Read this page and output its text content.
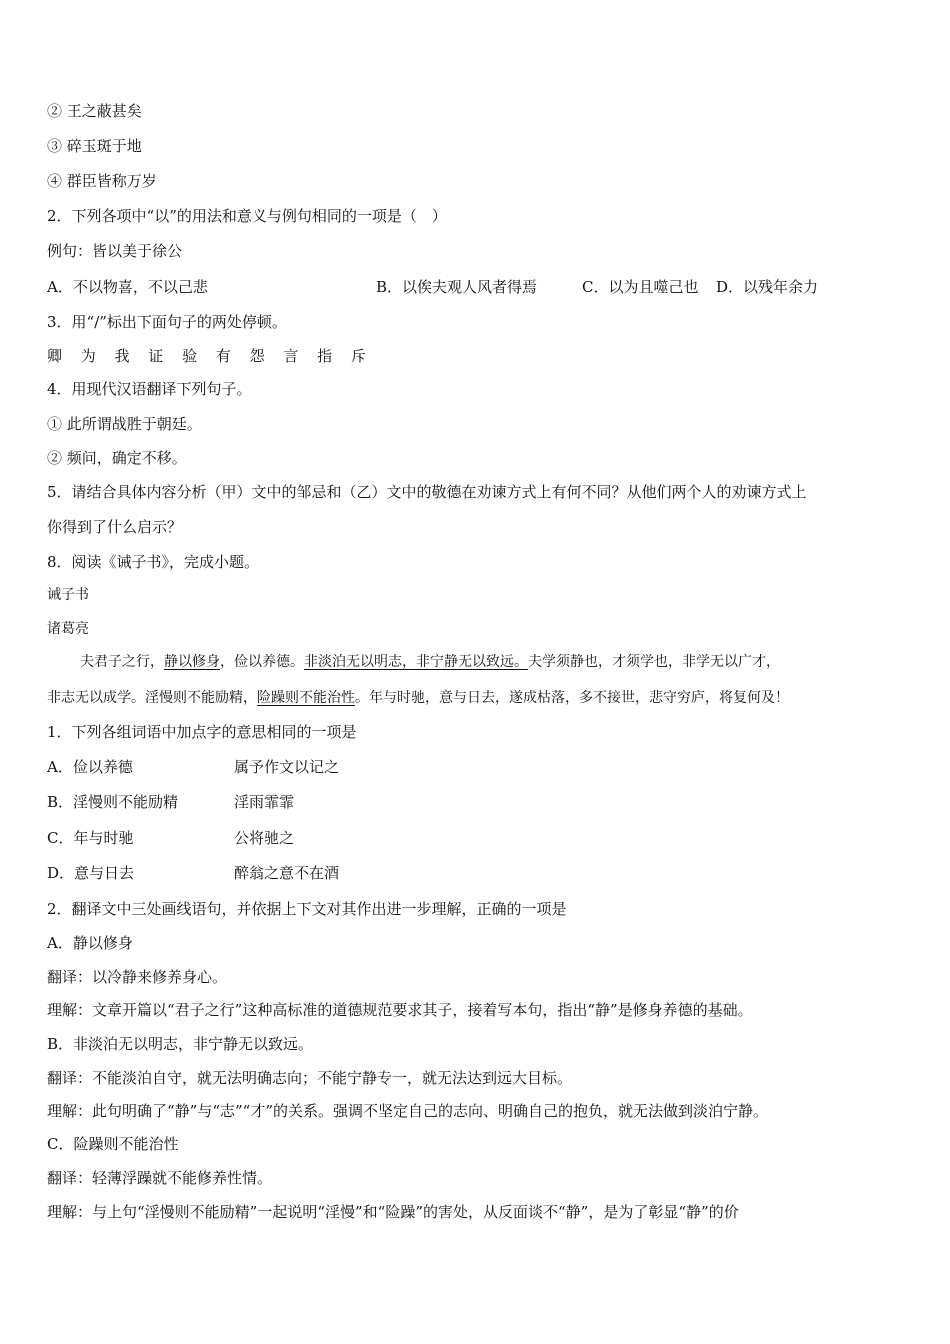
② 王之蔽甚矣
③ 碎玉斑于地
④ 群臣皆称万岁
2．下列各项中“以”的用法和意义与例句相同的一项是（　）
例句：皆以美于徐公
A．不以物喜，不以己悲	B．以俟夫观人风者得焉	C．以为且噬己也 D．以残年余力
3．用“/”标出下面句子的两处停顿。
卿 为 我 证 验 有 怨 言 指 斥
4．用现代汉语翻译下列句子。
① 此所谓战胜于朝廷。
② 频问，确定不移。
5．请结合具体内容分析（甲）文中的邹忌和（乙）文中的敬德在劝谏方式上有何不同？从他们两个人的劝谏方式上
你得到了什么启示？
8．阅读《诫子书》，完成小题。
诫子书
诸葛亮
夫君子之行，静以修身，俭以养德。非淡泊无以明志，非宁静无以致远。夫学须静也，才须学也，非学无以广才，
非志无以成学。淫慢则不能励精，险躁则不能治性。年与时驰，意与日去，遂成枯落，多不接世，悲守穷庐，将复何及！
1．下列各组词语中加点字的意思相同的一项是
A．俭以养德	属予作文以记之
B．淫慢则不能励精	淫雨霏霏
C．年与时驰	公将驰之
D．意与日去	醉翁之意不在酒
2．翻译文中三处画线语句，并依据上下文对其作出进一步理解，正确的一项是
A．静以修身
翻译：以冷静来修养身心。
理解：文章开篇以“君子之行”这种高标准的道德规范要求其子，接着写本句，指出“静”是修身养德的基础。
B．非淡泊无以明志，非宁静无以致远。
翻译：不能淡泊自守，就无法明确志向；不能宁静专一，就无法达到远大目标。
理解：此句明确了“静”与“志”“才”的关系。强调不坚定自己的志向、明确自己的抱负，就无法做到淡泊宁静。
C．险躁则不能治性
翻译：轻薄浮躁就不能修养性情。
理解：与上句“淫慢则不能励精”一起说明“淫慢”和“险躁”的害处，从反面谈不“静”，是为了彰显“静”的价
